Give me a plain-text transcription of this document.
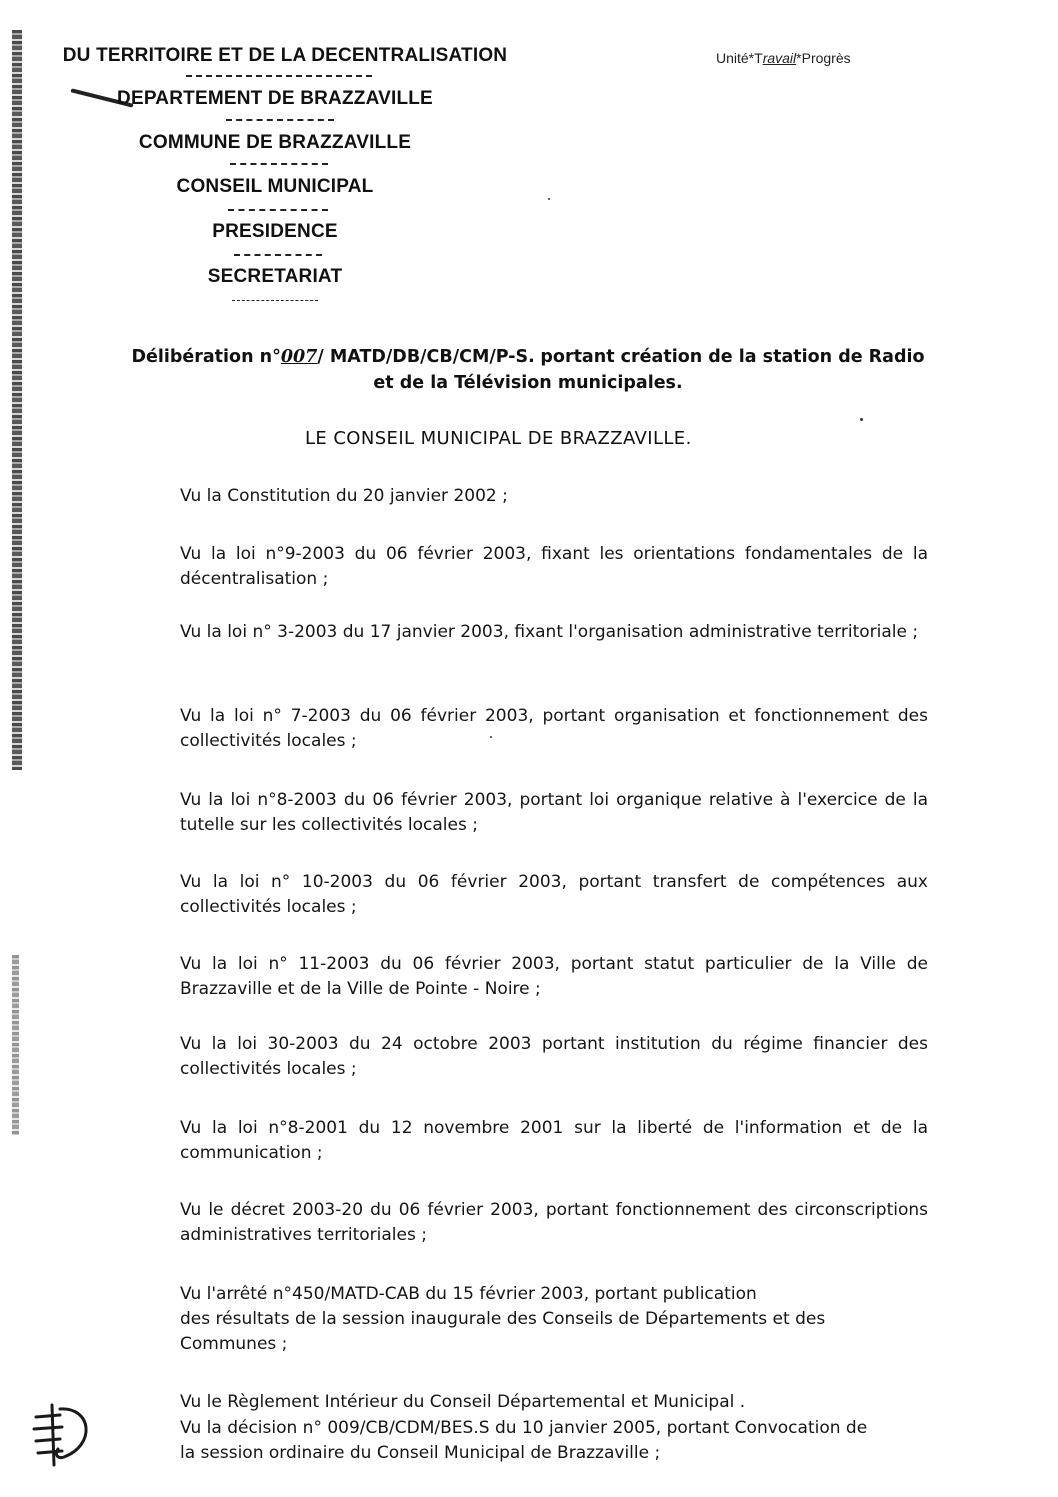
DU TERRITOIRE ET DE LA DECENTRALISATION
DEPARTEMENT DE BRAZZAVILLE
COMMUNE DE BRAZZAVILLE
CONSEIL MUNICIPAL
PRESIDENCE
SECRETARIAT
Unité*Travail*Progrès
Délibération n°007/ MATD/DB/CB/CM/P-S. portant création de la station de Radio
et de la Télévision municipales.
LE CONSEIL MUNICIPAL DE BRAZZAVILLE.
Vu la Constitution du 20 janvier 2002 ;
Vu la loi n°9-2003 du 06 février 2003, fixant les orientations fondamentales de la décentralisation ;
Vu la loi n° 3-2003 du 17 janvier 2003, fixant l'organisation administrative territoriale ;
Vu la loi n° 7-2003 du 06 février 2003, portant organisation et fonctionnement des collectivités locales ;
Vu la loi n°8-2003 du 06 février 2003, portant loi organique relative à l'exercice de la tutelle sur les collectivités locales ;
Vu la loi n° 10-2003 du 06 février 2003, portant transfert de compétences aux collectivités locales ;
Vu la loi n° 11-2003 du 06 février 2003, portant statut particulier de la Ville de Brazzaville et de la Ville de Pointe - Noire ;
Vu la loi 30-2003 du 24 octobre 2003 portant institution du régime financier des collectivités locales ;
Vu la loi n°8-2001 du 12 novembre 2001 sur la liberté de l'information et de la communication ;
Vu le décret 2003-20 du 06 février 2003, portant fonctionnement des circonscriptions administratives territoriales ;
Vu l'arrêté n°450/MATD-CAB du 15 février 2003, portant publication
des résultats de la session inaugurale des Conseils de Départements et des
Communes ;
Vu le Règlement Intérieur du Conseil Départemental et Municipal .
Vu la décision n° 009/CB/CDM/BES.S du 10 janvier 2005, portant Convocation de
la session ordinaire du Conseil Municipal de Brazzaville ;
